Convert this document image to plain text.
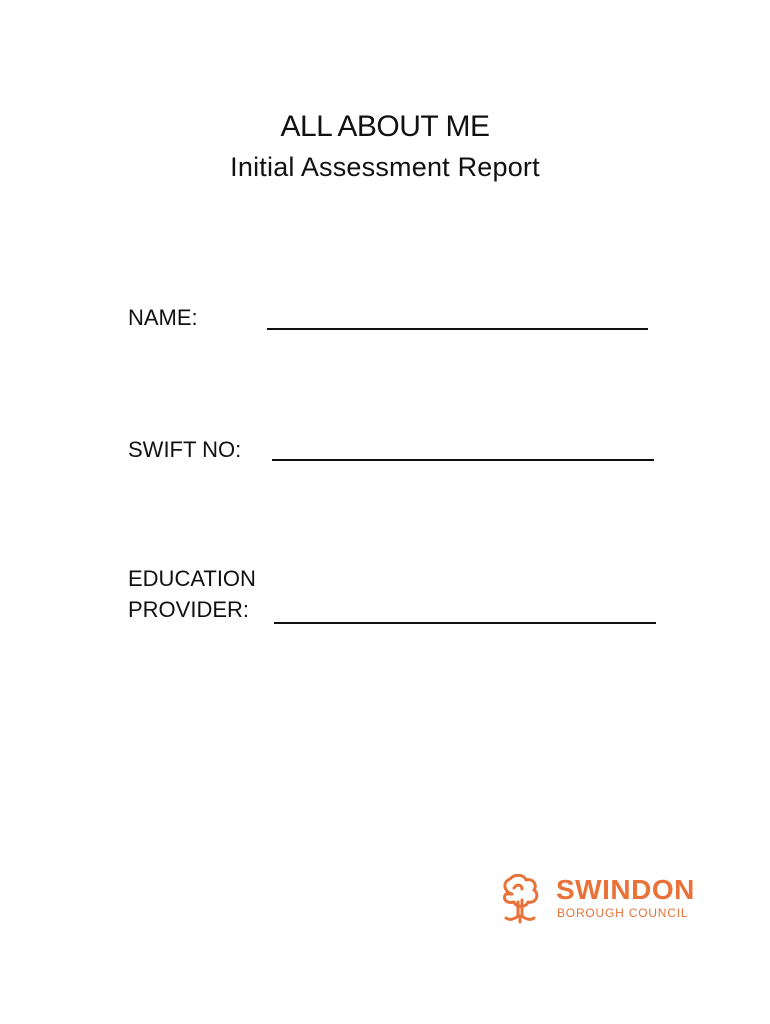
ALL ABOUT ME
Initial Assessment Report
NAME:
SWIFT NO:
EDUCATION
PROVIDER:
SWINDON
BOROUGH COUNCIL
